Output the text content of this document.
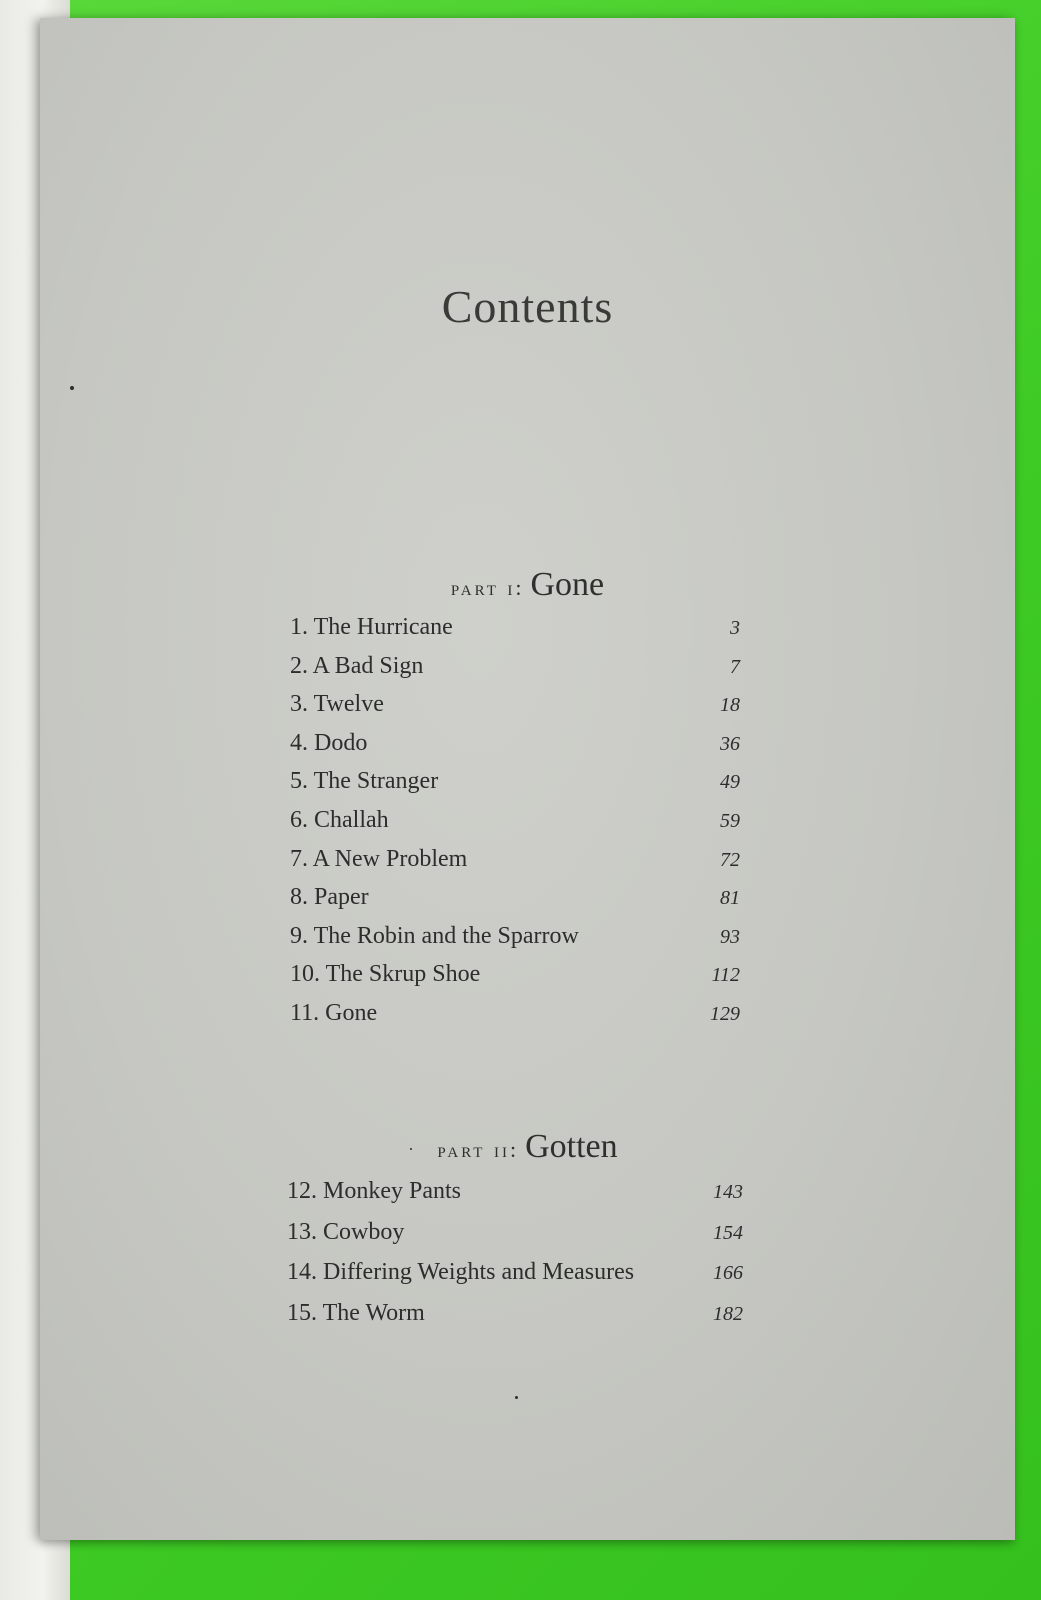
Contents
part i: Gone
1. The Hurricane	3
2. A Bad Sign	7
3. Twelve	18
4. Dodo	36
5. The Stranger	49
6. Challah	59
7. A New Problem	72
8. Paper	81
9. The Robin and the Sparrow	93
10. The Skrup Shoe	112
11. Gone	129
part ii: Gotten
12. Monkey Pants	143
13. Cowboy	154
14. Differing Weights and Measures	166
15. The Worm	182
